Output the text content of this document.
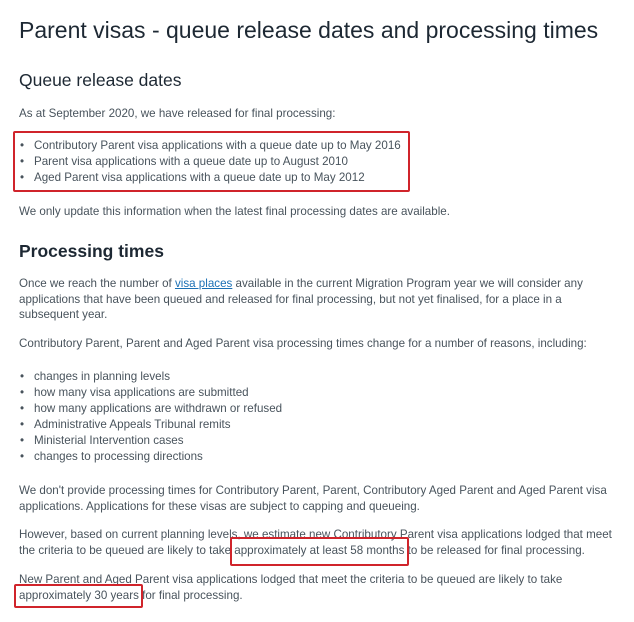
Parent visas - queue release dates and processing times
Queue release dates

As at September 2020, we have released for final processing:

• Contributory Parent visa applications with a queue date up to May 2016
• Parent visa applications with a queue date up to August 2010
• Aged Parent visa applications with a queue date up to May 2012

We only update this information when the latest final processing dates are available.

Processing times

Once we reach the number of visa places available in the current Migration Program year we will consider any applications that have been queued and released for final processing, but not yet finalised, for a place in a subsequent year.

Contributory Parent, Parent and Aged Parent visa processing times change for a number of reasons, including:

• changes in planning levels
• how many visa applications are submitted
• how many applications are withdrawn or refused
• Administrative Appeals Tribunal remits
• Ministerial Intervention cases
• changes to processing directions

We don't provide processing times for Contributory Parent, Parent, Contributory Aged Parent and Aged Parent visa applications. Applications for these visas are subject to capping and queueing.

However, based on current planning levels, we estimate new Contributory Parent visa applications lodged that meet
the criteria to be queued are likely to take approximately at least 58 months to be released for final processing.

New Parent and Aged Parent visa applications lodged that meet the criteria to be queued are likely to take
approximately 30 years for final processing.
